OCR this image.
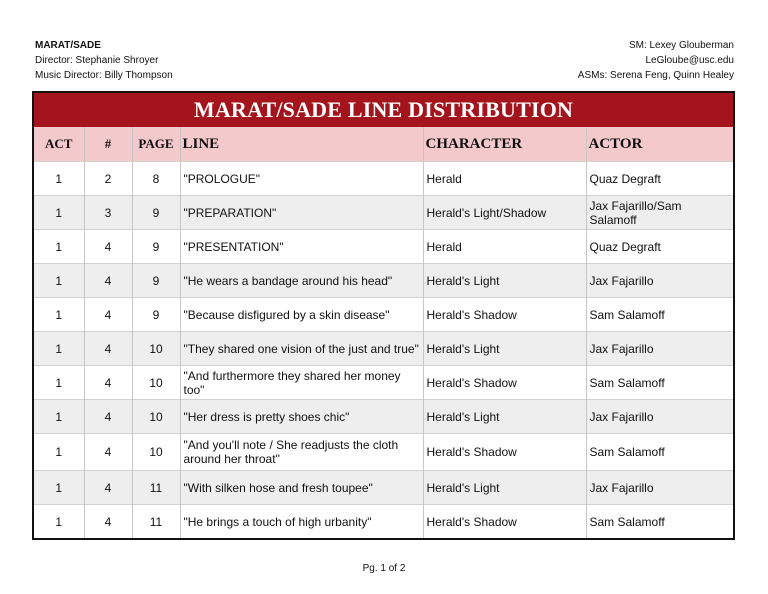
MARAT/SADE
Director: Stephanie Shroyer
Music Director: Billy Thompson
SM: Lexey Glouberman
LeGloube@usc.edu
ASMs: Serena Feng, Quinn Healey
MARAT/SADE LINE DISTRIBUTION
ACT	#	PAGE	LINE	CHARACTER	ACTOR
1	2	8	"PROLOGUE"	Herald	Quaz Degraft
1	3	9	"PREPARATION"	Herald's Light/Shadow	Jax Fajarillo/Sam Salamoff
1	4	9	"PRESENTATION"	Herald	Quaz Degraft
1	4	9	"He wears a bandage around his head"	Herald's Light	Jax Fajarillo
1	4	9	"Because disfigured by a skin disease"	Herald's Shadow	Sam Salamoff
1	4	10	"They shared one vision of the just and true"	Herald's Light	Jax Fajarillo
1	4	10	"And furthermore they shared her money too"	Herald's Shadow	Sam Salamoff
1	4	10	"Her dress is pretty shoes chic"	Herald's Light	Jax Fajarillo
1	4	10	"And you'll note / She readjusts the cloth around her throat"	Herald's Shadow	Sam Salamoff
1	4	11	"With silken hose and fresh toupee"	Herald's Light	Jax Fajarillo
1	4	11	"He brings a touch of high urbanity"	Herald's Shadow	Sam Salamoff
Pg. 1 of 2
